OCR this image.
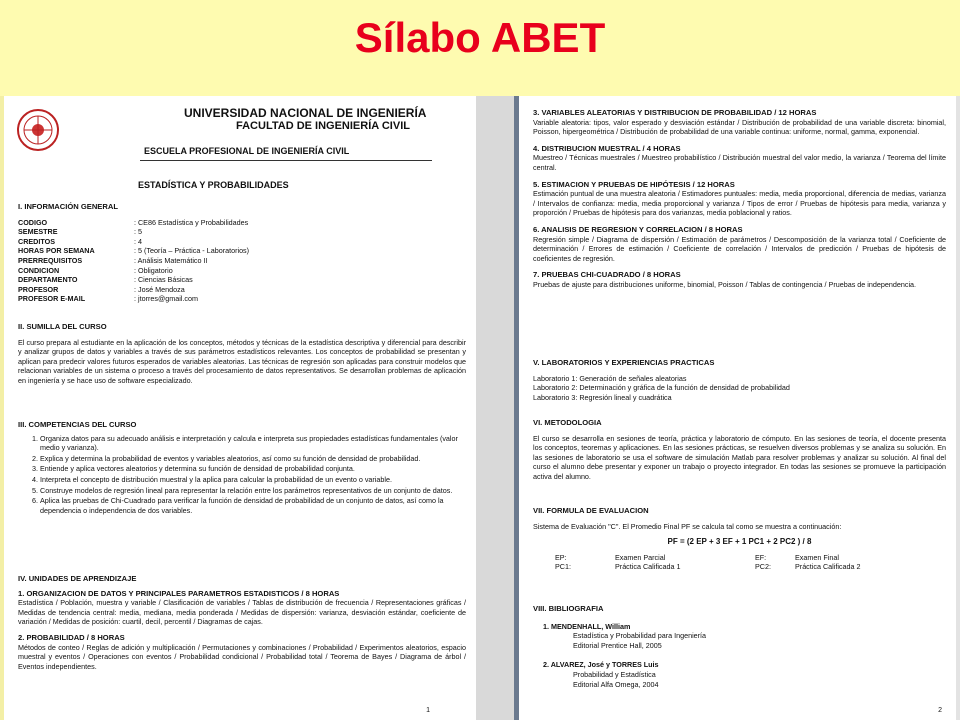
Sílabo ABET
UNIVERSIDAD NACIONAL DE INGENIERÍA
FACULTAD DE INGENIERÍA CIVIL
ESCUELA PROFESIONAL DE INGENIERÍA CIVIL
ESTADÍSTICA Y PROBABILIDADES

I. INFORMACIÓN GENERAL

CODIGO	: CE86 Estadística y Probabilidades
SEMESTRE	: 5
CREDITOS	: 4
HORAS POR SEMANA	: 5 (Teoría – Práctica - Laboratorios)
PRERREQUISITOS	: Análisis Matemático II
CONDICION	: Obligatorio
DEPARTAMENTO	: Ciencias Básicas
PROFESOR	: José Mendoza
PROFESOR E-MAIL	: jtorres@gmail.com

II. SUMILLA DEL CURSO

El curso prepara al estudiante en la aplicación de los conceptos, métodos y técnicas de la estadística descriptiva y diferencial para describir y analizar grupos de datos y variables a través de sus parámetros estadísticos relevantes. Los conceptos de probabilidad se presentan y aplican para predecir valores futuros esperados de variables aleatorias. Las técnicas de regresión son aplicadas para construir modelos que relacionan variables de un sistema o proceso a través del procesamiento de datos representativos. Se desarrollan problemas de aplicación en ingeniería y se hace uso de software especializado.

III. COMPETENCIAS DEL CURSO

1. Organiza datos para su adecuado análisis e interpretación y calcula e interpreta sus propiedades estadísticas fundamentales (valor medio y varianza).
2. Explica y determina la probabilidad de eventos y variables aleatorios, así como su función de densidad de probabilidad.
3. Entiende y aplica vectores aleatorios y determina su función de densidad de probabilidad conjunta.
4. Interpreta el concepto de distribución muestral y la aplica para calcular la probabilidad de un evento o variable.
5. Construye modelos de regresión lineal para representar la relación entre los parámetros representativos de un conjunto de datos.
6. Aplica las pruebas de Chi-Cuadrado para verificar la función de densidad de probabilidad de un conjunto de datos, así como la dependencia o independencia de dos variables.

IV. UNIDADES DE APRENDIZAJE

1. ORGANIZACION DE DATOS Y PRINCIPALES PARAMETROS ESTADISTICOS / 8 HORAS

Estadística / Población, muestra y variable / Clasificación de variables / Tablas de distribución de frecuencia / Representaciones gráficas / Medidas de tendencia central: media, mediana, media ponderada / Medidas de dispersión: varianza, desviación estándar, coeficiente de variación / Medidas de posición: cuartil, decil, percentil / Diagramas de cajas.

2. PROBABILIDAD / 8 HORAS

Métodos de conteo / Reglas de adición y multiplicación / Permutaciones y combinaciones / Probabilidad / Experimentos aleatorios, espacio muestral y eventos / Operaciones con eventos / Probabilidad condicional / Probabilidad total / Teorema de Bayes / Diagrama de árbol / Eventos independientes.

1

3. VARIABLES ALEATORIAS Y DISTRIBUCION DE PROBABILIDAD / 12 HORAS

Variable aleatoria: tipos, valor esperado y desviación estándar / Distribución de probabilidad de una variable discreta: binomial, Poisson, hipergeométrica / Distribución de probabilidad de una variable continua: uniforme, normal, gamma, exponencial.

4. DISTRIBUCION MUESTRAL / 4 HORAS

Muestreo / Técnicas muestrales / Muestreo probabilístico / Distribución muestral del valor medio, la varianza / Teorema del límite central.

5. ESTIMACION Y PRUEBAS DE HIPÓTESIS / 12 HORAS

Estimación puntual de una muestra aleatoria / Estimadores puntuales: media, media proporcional, diferencia de medias, varianza / Intervalos de confianza: media, media proporcional y varianza / Tipos de error / Pruebas de hipótesis para media, varianza y proporción / Pruebas de hipótesis para dos varianzas, media poblacional y ratios.

6. ANALISIS DE REGRESION Y CORRELACION / 8 HORAS

Regresión simple / Diagrama de dispersión / Estimación de parámetros / Descomposición de la varianza total / Coeficiente de determinación / Errores de estimación / Coeficiente de correlación / Intervalos de predicción / Pruebas de hipótesis de coeficientes de regresión.

7. PRUEBAS CHI-CUADRADO / 8 HORAS

Pruebas de ajuste para distribuciones uniforme, binomial, Poisson / Tablas de contingencia / Pruebas de independencia.

V. LABORATORIOS Y EXPERIENCIAS PRACTICAS

Laboratorio 1: Generación de señales aleatorias

Laboratorio 2: Determinación y gráfica de la función de densidad de probabilidad

Laboratorio 3: Regresión lineal y cuadrática

VI. METODOLOGIA

El curso se desarrolla en sesiones de teoría, práctica y laboratorio de cómputo. En las sesiones de teoría, el docente presenta los conceptos, teoremas y aplicaciones. En las sesiones prácticas, se resuelven diversos problemas y se analiza su solución. En las sesiones de laboratorio se usa el software de simulación Matlab para resolver problemas y analizar su solución. Al final del curso el alumno debe presentar y exponer un trabajo o proyecto integrador. En todas las sesiones se promueve la participación activa del alumno.

VII. FORMULA DE EVALUACION

Sistema de Evaluación "C". El Promedio Final PF se calcula tal como se muestra a continuación:

PF = (2 EP + 3 EF + 1 PC1 + 2 PC2 ) / 8

EP:	Examen Parcial	EF:	Examen Final
PC1:	Práctica Calificada 1	PC2:	Práctica Calificada 2

VIII. BIBLIOGRAFIA

1. MENDENHALL, William

Estadística y Probabilidad para Ingeniería

Editorial Prentice Hall, 2005

2. ALVAREZ, José y TORRES Luis

Probabilidad y Estadística

Editorial Alfa Omega, 2004

2
